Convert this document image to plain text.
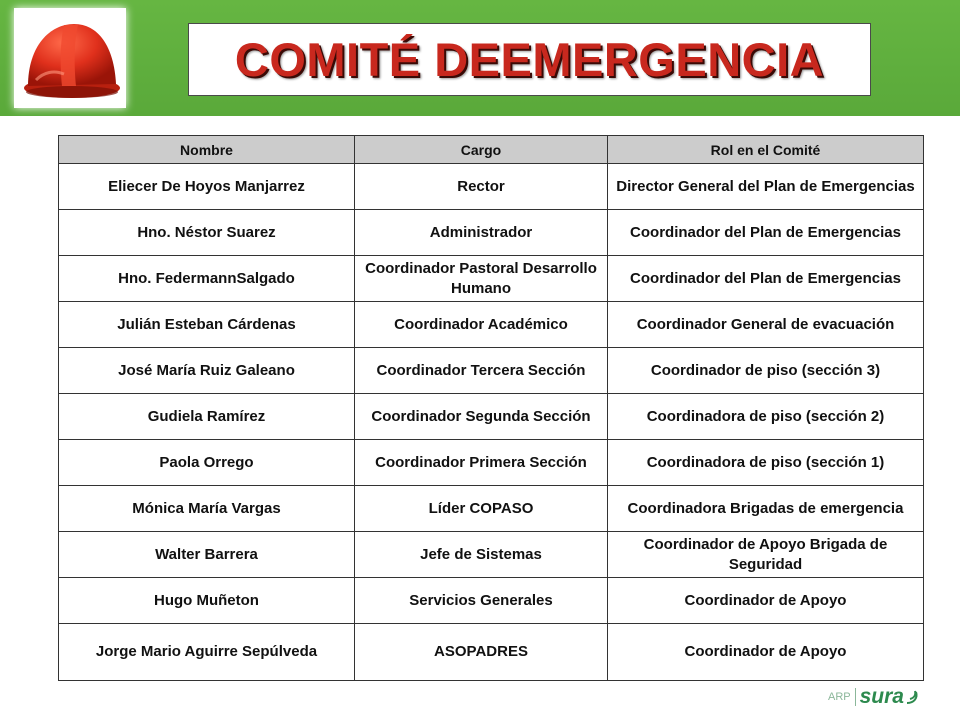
COMITÉ DEEMERGENCIA
Nombre	Cargo	Rol en el Comité
Eliecer De Hoyos Manjarrez	Rector	Director General del Plan de Emergencias
Hno. Néstor Suarez	Administrador	Coordinador del Plan de Emergencias
Hno. FedermannSalgado	Coordinador Pastoral Desarrollo Humano	Coordinador del Plan de Emergencias
Julián Esteban Cárdenas	Coordinador Académico	Coordinador General de evacuación
José María Ruiz Galeano	Coordinador Tercera Sección	Coordinador de piso (sección 3)
Gudiela Ramírez	Coordinador Segunda Sección	Coordinadora de piso (sección 2)
Paola Orrego	Coordinador Primera Sección	Coordinadora de piso (sección 1)
Mónica María Vargas	Líder COPASO	Coordinadora Brigadas de emergencia
Walter Barrera	Jefe de Sistemas	Coordinador de Apoyo Brigada de Seguridad
Hugo Muñeton	Servicios Generales	Coordinador de Apoyo
Jorge Mario Aguirre Sepúlveda	ASOPADRES	Coordinador de Apoyo
ARP sura
